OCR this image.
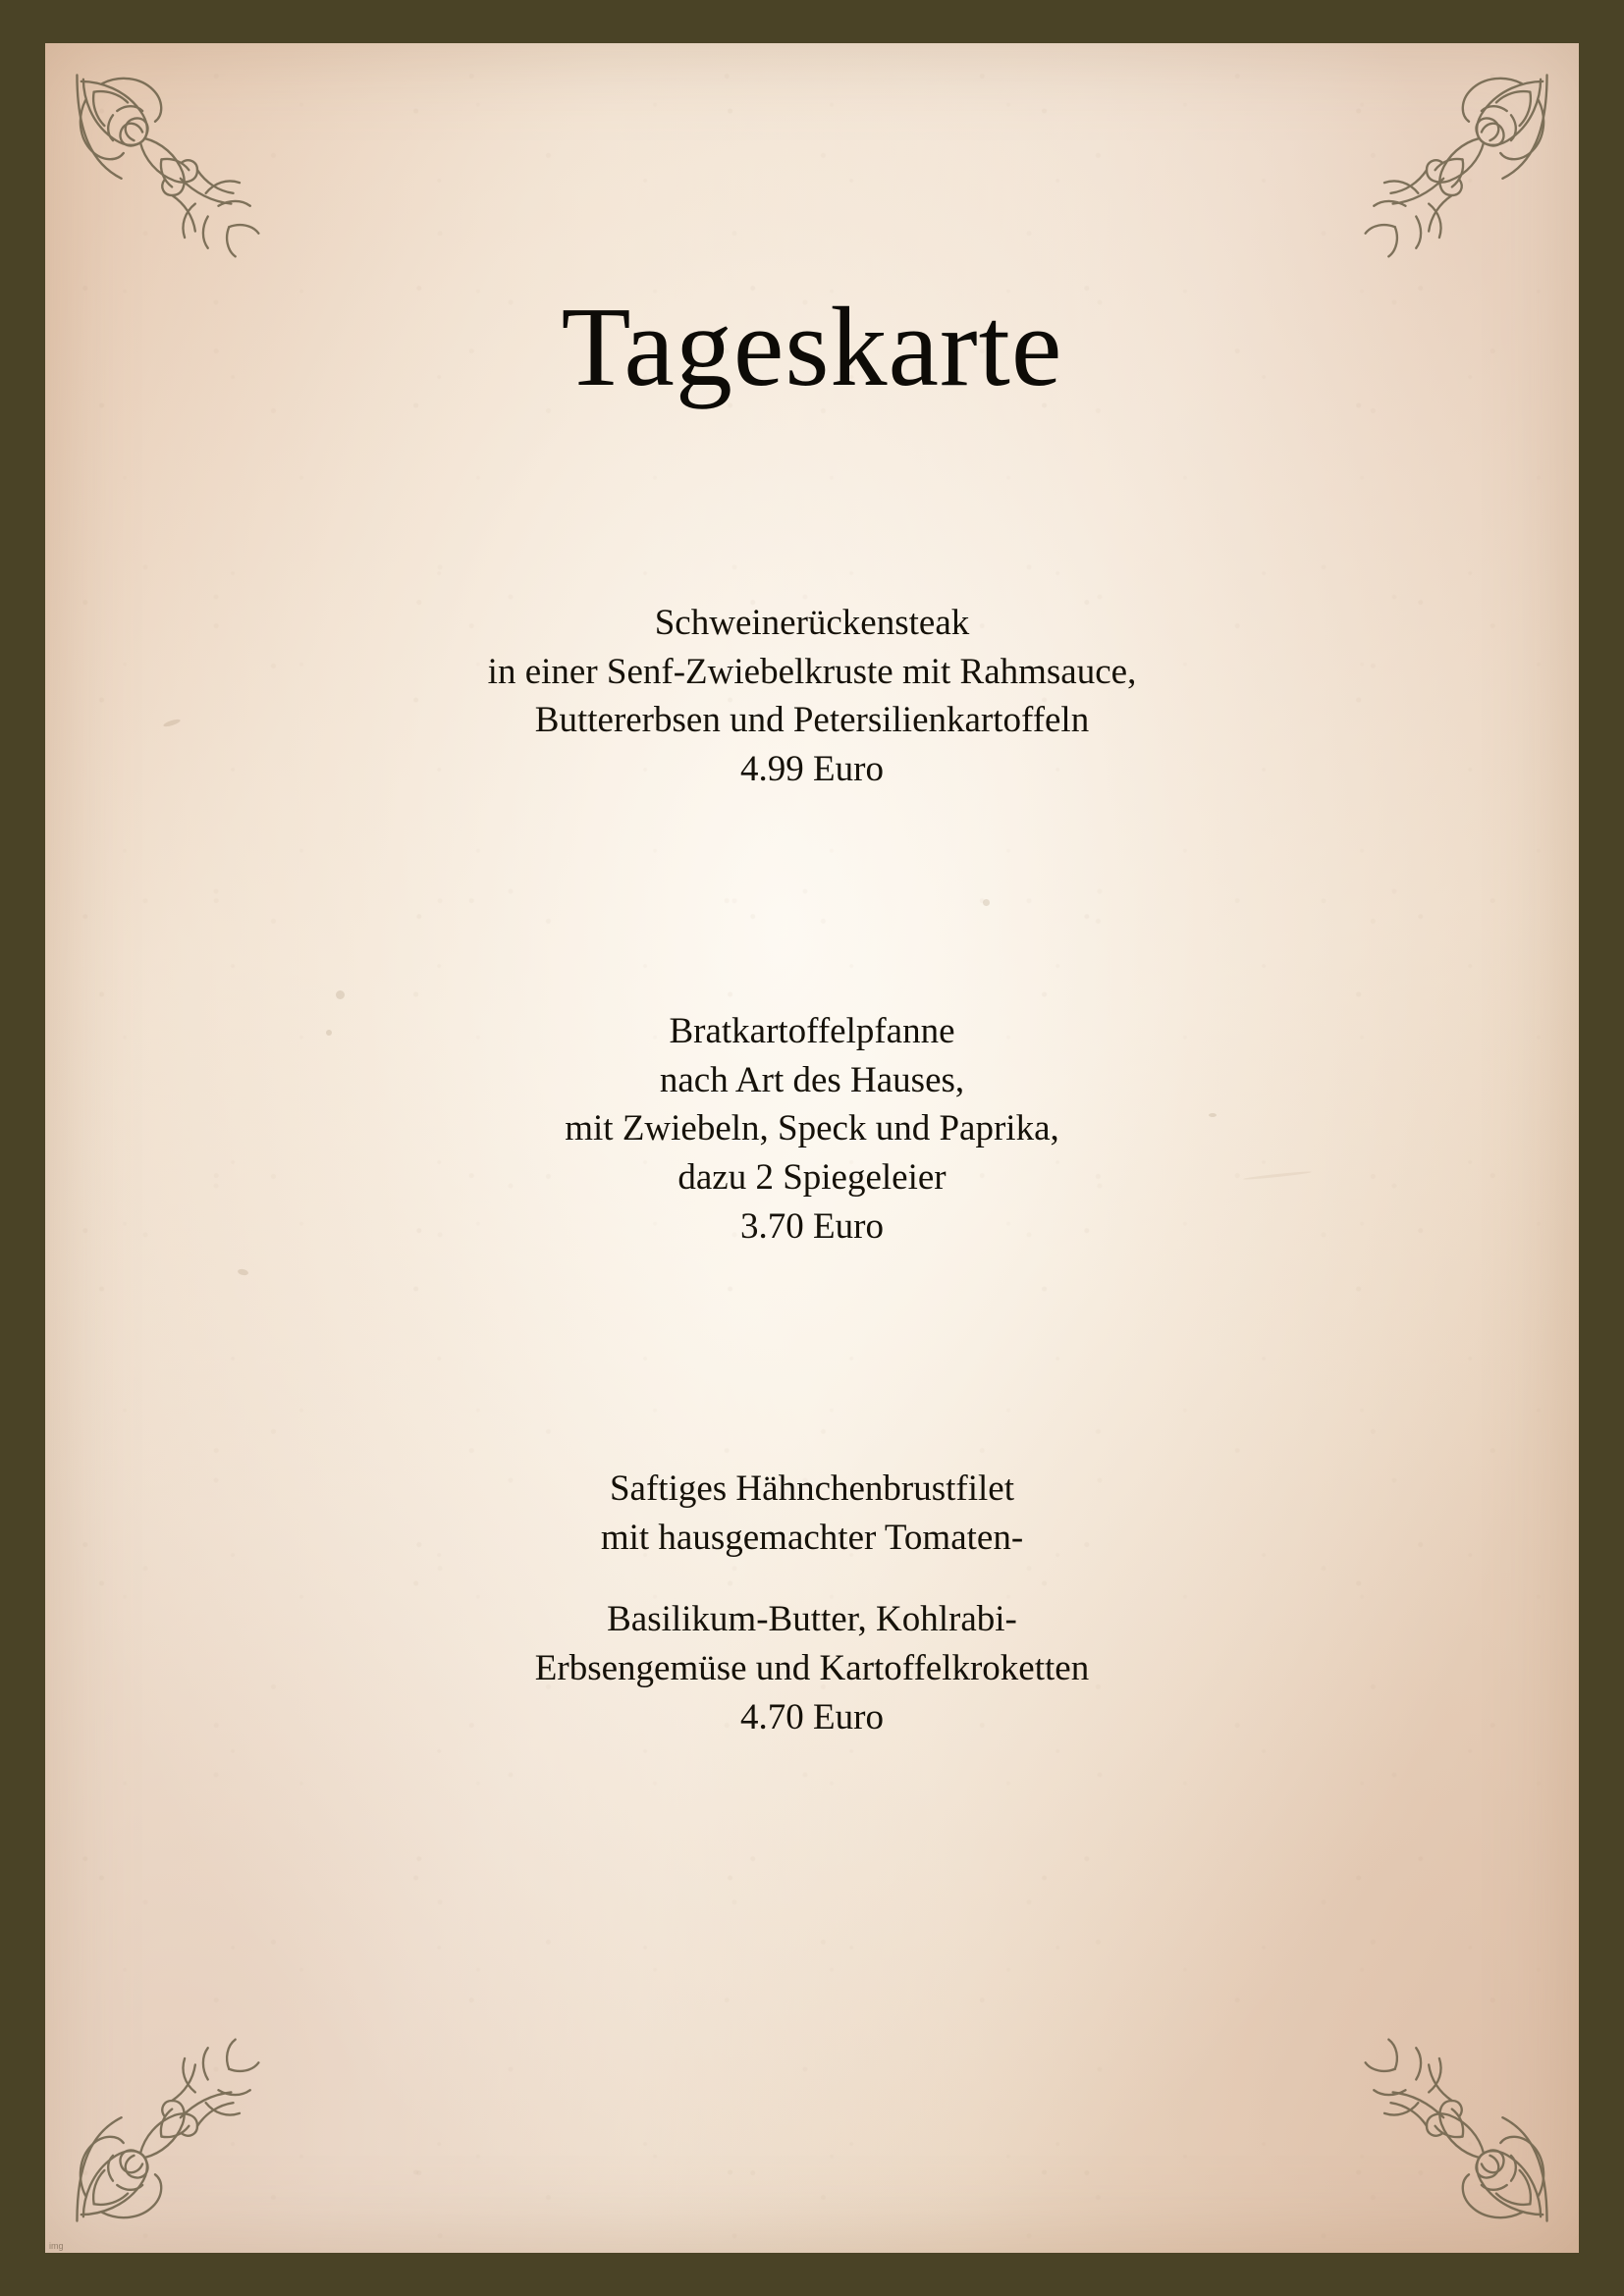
Tageskarte
Schweinerückensteak
in einer Senf-Zwiebelkruste mit Rahmsauce,
Buttererbsen und Petersilienkartoffeln
4.99 Euro
Bratkartoffelpfanne
nach Art des Hauses,
mit Zwiebeln, Speck und Paprika,
dazu 2 Spiegeleier
3.70 Euro
Saftiges Hähnchenbrustfilet
mit hausgemachter Tomaten-
Basilikum-Butter, Kohlrabi-
Erbsengemüse und Kartoffelkroketten
4.70 Euro
img
